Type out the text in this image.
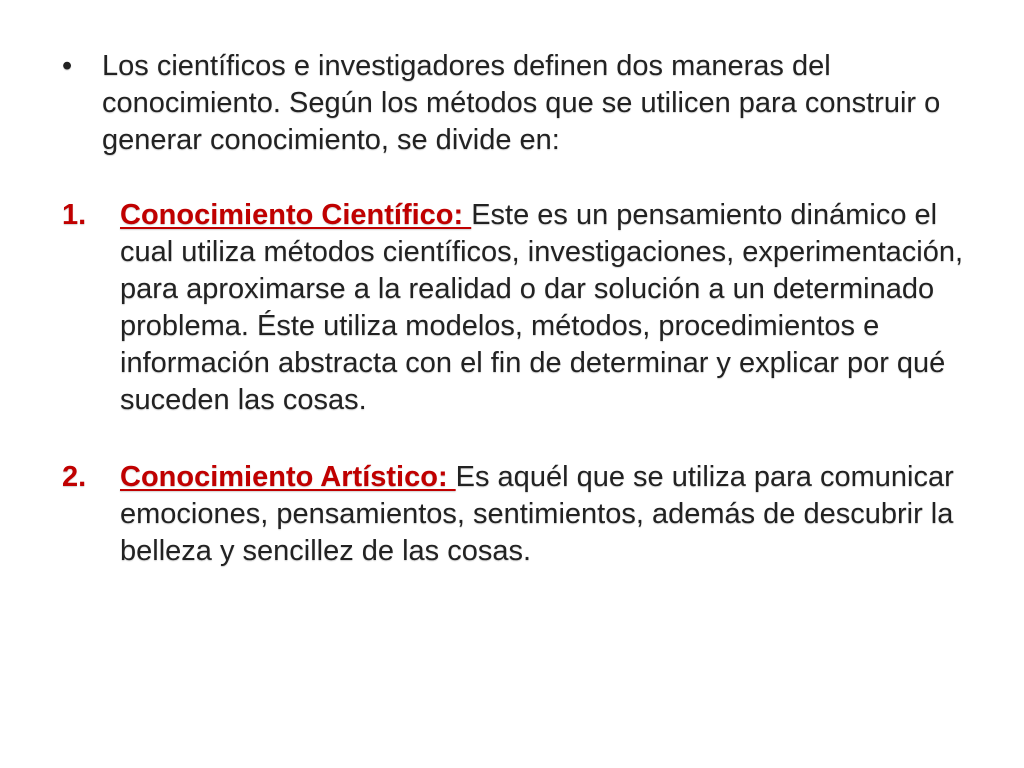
• Los científicos e investigadores definen dos maneras del conocimiento. Según los métodos que se utilicen para construir o generar conocimiento, se divide en:
1. Conocimiento Científico: Este es un pensamiento dinámico el cual utiliza métodos científicos, investigaciones, experimentación, para aproximarse a la realidad o dar solución a un determinado problema. Éste utiliza modelos, métodos, procedimientos e información abstracta con el fin de determinar y explicar por qué suceden las cosas.
2. Conocimiento Artístico: Es aquél que se utiliza para comunicar emociones, pensamientos, sentimientos, además de descubrir la belleza y sencillez de las cosas.
